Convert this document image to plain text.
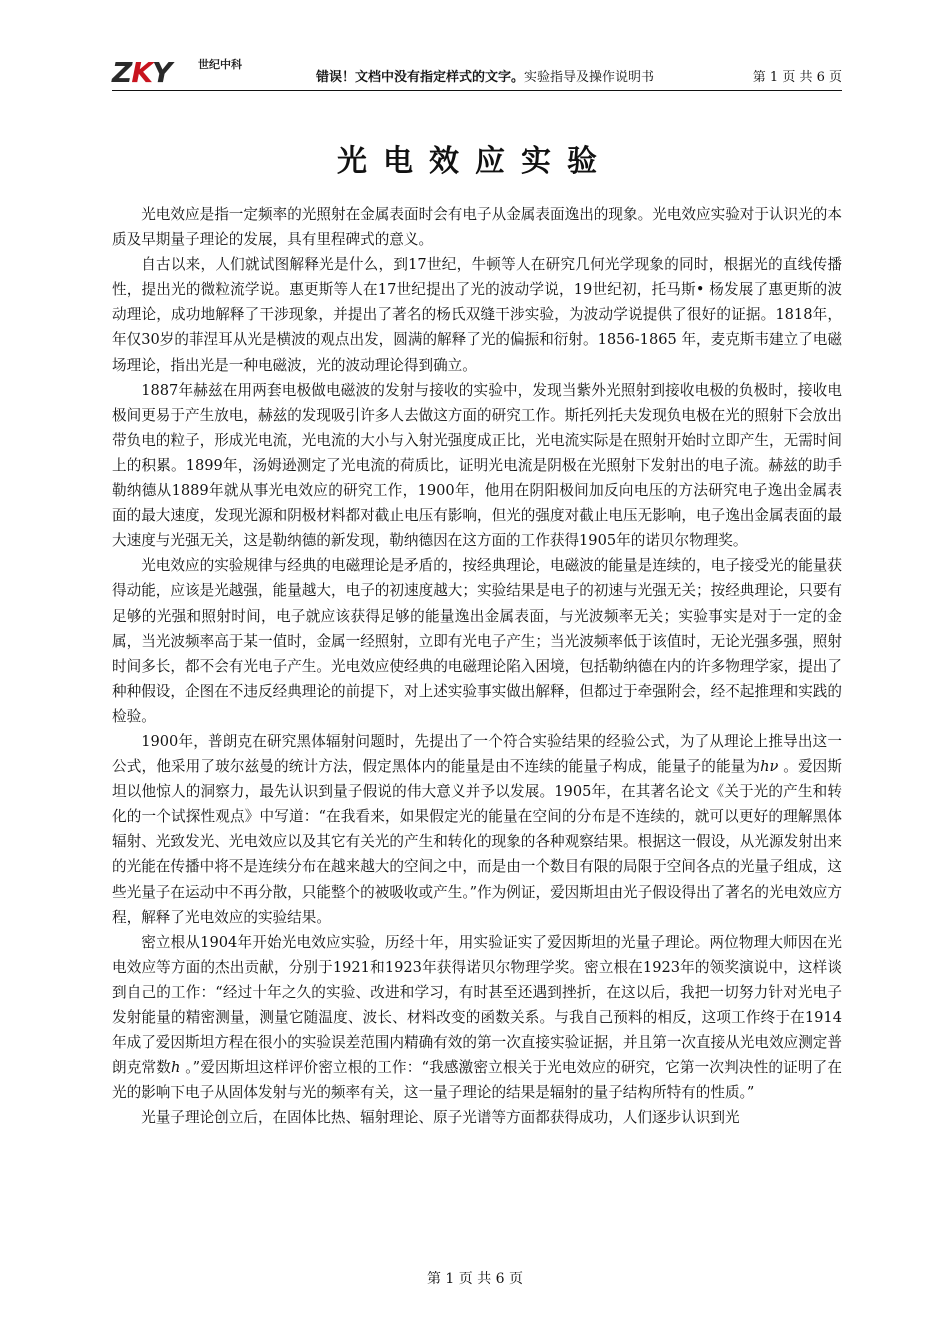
ZKY 世纪中科
错误！文档中没有指定样式的文字。实验指导及操作说明书	第 1 页 共 6 页
光电效应实验

光电效应是指一定频率的光照射在金属表面时会有电子从金属表面逸出的现象。光电效应实验对于认识光的本质及早期量子理论的发展，具有里程碑式的意义。

自古以来，人们就试图解释光是什么，到17世纪，牛顿等人在研究几何光学现象的同时，根据光的直线传播性，提出光的微粒流学说。惠更斯等人在17世纪提出了光的波动学说，19世纪初，托马斯• 杨发展了惠更斯的波动理论，成功地解释了干涉现象，并提出了著名的杨氏双缝干涉实验，为波动学说提供了很好的证据。1818年，年仅30岁的菲涅耳从光是横波的观点出发，圆满的解释了光的偏振和衍射。1856-1865 年，麦克斯韦建立了电磁场理论，指出光是一种电磁波，光的波动理论得到确立。

1887年赫兹在用两套电极做电磁波的发射与接收的实验中，发现当紫外光照射到接收电极的负极时，接收电极间更易于产生放电，赫兹的发现吸引许多人去做这方面的研究工作。斯托列托夫发现负电极在光的照射下会放出带负电的粒子，形成光电流，光电流的大小与入射光强度成正比，光电流实际是在照射开始时立即产生，无需时间上的积累。1899年，汤姆逊测定了光电流的荷质比，证明光电流是阴极在光照射下发射出的电子流。赫兹的助手勒纳德从1889年就从事光电效应的研究工作，1900年，他用在阴阳极间加反向电压的方法研究电子逸出金属表面的最大速度，发现光源和阴极材料都对截止电压有影响，但光的强度对截止电压无影响，电子逸出金属表面的最大速度与光强无关，这是勒纳德的新发现，勒纳德因在这方面的工作获得1905年的诺贝尔物理奖。

光电效应的实验规律与经典的电磁理论是矛盾的，按经典理论，电磁波的能量是连续的，电子接受光的能量获得动能，应该是光越强，能量越大，电子的初速度越大；实验结果是电子的初速与光强无关；按经典理论，只要有足够的光强和照射时间，电子就应该获得足够的能量逸出金属表面，与光波频率无关；实验事实是对于一定的金属，当光波频率高于某一值时，金属一经照射，立即有光电子产生；当光波频率低于该值时，无论光强多强，照射时间多长，都不会有光电子产生。光电效应使经典的电磁理论陷入困境，包括勒纳德在内的许多物理学家，提出了种种假设，企图在不违反经典理论的前提下，对上述实验事实做出解释，但都过于牵强附会，经不起推理和实践的检验。

1900年，普朗克在研究黑体辐射问题时，先提出了一个符合实验结果的经验公式，为了从理论上推导出这一公式，他采用了玻尔兹曼的统计方法，假定黑体内的能量是由不连续的能量子构成，能量子的能量为hν 。爱因斯坦以他惊人的洞察力，最先认识到量子假说的伟大意义并予以发展。1905年，在其著名论文《关于光的产生和转化的一个试探性观点》中写道：“在我看来，如果假定光的能量在空间的分布是不连续的，就可以更好的理解黑体辐射、光致发光、光电效应以及其它有关光的产生和转化的现象的各种观察结果。根据这一假设，从光源发射出来的光能在传播中将不是连续分布在越来越大的空间之中，而是由一个数目有限的局限于空间各点的光量子组成，这些光量子在运动中不再分散，只能整个的被吸收或产生。”作为例证，爱因斯坦由光子假设得出了著名的光电效应方程，解释了光电效应的实验结果。

密立根从1904年开始光电效应实验，历经十年，用实验证实了爱因斯坦的光量子理论。两位物理大师因在光电效应等方面的杰出贡献，分别于1921和1923年获得诺贝尔物理学奖。密立根在1923年的领奖演说中，这样谈到自己的工作：“经过十年之久的实验、改进和学习，有时甚至还遇到挫折，在这以后，我把一切努力针对光电子发射能量的精密测量，测量它随温度、波长、材料改变的函数关系。与我自己预料的相反，这项工作终于在1914年成了爱因斯坦方程在很小的实验误差范围内精确有效的第一次直接实验证据，并且第一次直接从光电效应测定普朗克常数h 。”爱因斯坦这样评价密立根的工作：“我感激密立根关于光电效应的研究，它第一次判决性的证明了在光的影响下电子从固体发射与光的频率有关，这一量子理论的结果是辐射的量子结构所特有的性质。”

光量子理论创立后，在固体比热、辐射理论、原子光谱等方面都获得成功，人们逐步认识到光

第 1 页 共 6 页
